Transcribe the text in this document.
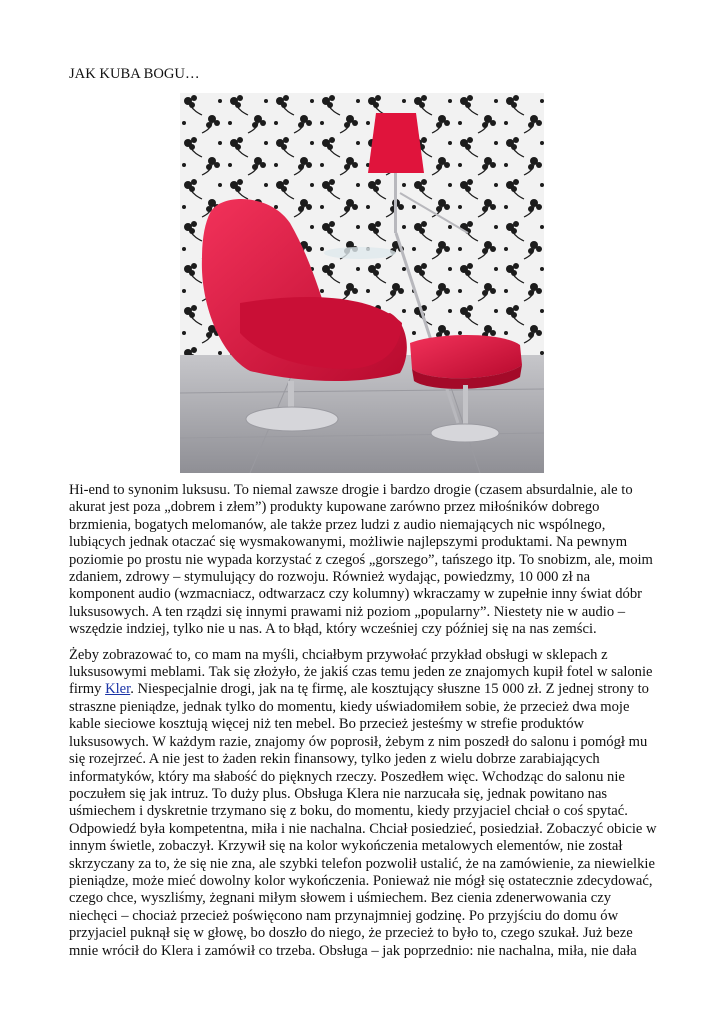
JAK KUBA BOGU…

Hi-end to synonim luksusu. To niemal zawsze drogie i bardzo drogie (czasem absurdalnie, ale to akurat jest poza „dobrem i złem”) produkty kupowane zarówno przez miłośników dobrego brzmienia, bogatych melomanów, ale także przez ludzi z audio niemających nic wspólnego, lubiących jednak otaczać się wysmakowanymi, możliwie najlepszymi produktami. Na pewnym poziomie po prostu nie wypada korzystać z czegoś „gorszego”, tańszego itp. To snobizm, ale, moim zdaniem, zdrowy – stymulujący do rozwoju. Również wydając, powiedzmy, 10 000 zł na komponent audio (wzmacniacz, odtwarzacz czy kolumny) wkraczamy w zupełnie inny świat dóbr luksusowych. A ten rządzi się innymi prawami niż poziom „popularny”. Niestety nie w audio – wszędzie indziej, tylko nie u nas. A to błąd, który wcześniej czy później się na nas zemści.

Żeby zobrazować to, co mam na myśli, chciałbym przywołać przykład obsługi w sklepach z luksusowymi meblami. Tak się złożyło, że jakiś czas temu jeden ze znajomych kupił fotel w salonie firmy Kler. Niespecjalnie drogi, jak na tę firmę, ale kosztujący słuszne 15 000 zł. Z jednej strony to straszne pieniądze, jednak tylko do momentu, kiedy uświadomiłem sobie, że przecież dwa moje kable sieciowe kosztują więcej niż ten mebel. Bo przecież jesteśmy w strefie produktów luksusowych. W każdym razie, znajomy ów poprosił, żebym z nim poszedł do salonu i pomógł mu się rozejrzeć. A nie jest to żaden rekin finansowy, tylko jeden z wielu dobrze zarabiających informatyków, który ma słabość do pięknych rzeczy. Poszedłem więc. Wchodząc do salonu nie poczułem się jak intruz. To duży plus. Obsługa Klera nie narzucała się, jednak powitano nas uśmiechem i dyskretnie trzymano się z boku, do momentu, kiedy przyjaciel chciał o coś spytać. Odpowiedź była kompetentna, miła i nie nachalna. Chciał posiedzieć, posiedział. Zobaczyć obicie w innym świetle, zobaczył. Krzywił się na kolor wykończenia metalowych elementów, nie został skrzyczany za to, że się nie zna, ale szybki telefon pozwolił ustalić, że na zamówienie, za niewielkie pieniądze, może mieć dowolny kolor wykończenia. Ponieważ nie mógł się ostatecznie zdecydować, czego chce, wyszliśmy, żegnani miłym słowem i uśmiechem. Bez cienia zdenerwowania czy niechęci – chociaż przecież poświęcono nam przynajmniej godzinę. Po przyjściu do domu ów przyjaciel puknął się w głowę, bo doszło do niego, że przecież to było to, czego szukał. Już beze mnie wrócił do Klera i zamówił co trzeba. Obsługa – jak poprzednio: nie nachalna, miła, nie dała
